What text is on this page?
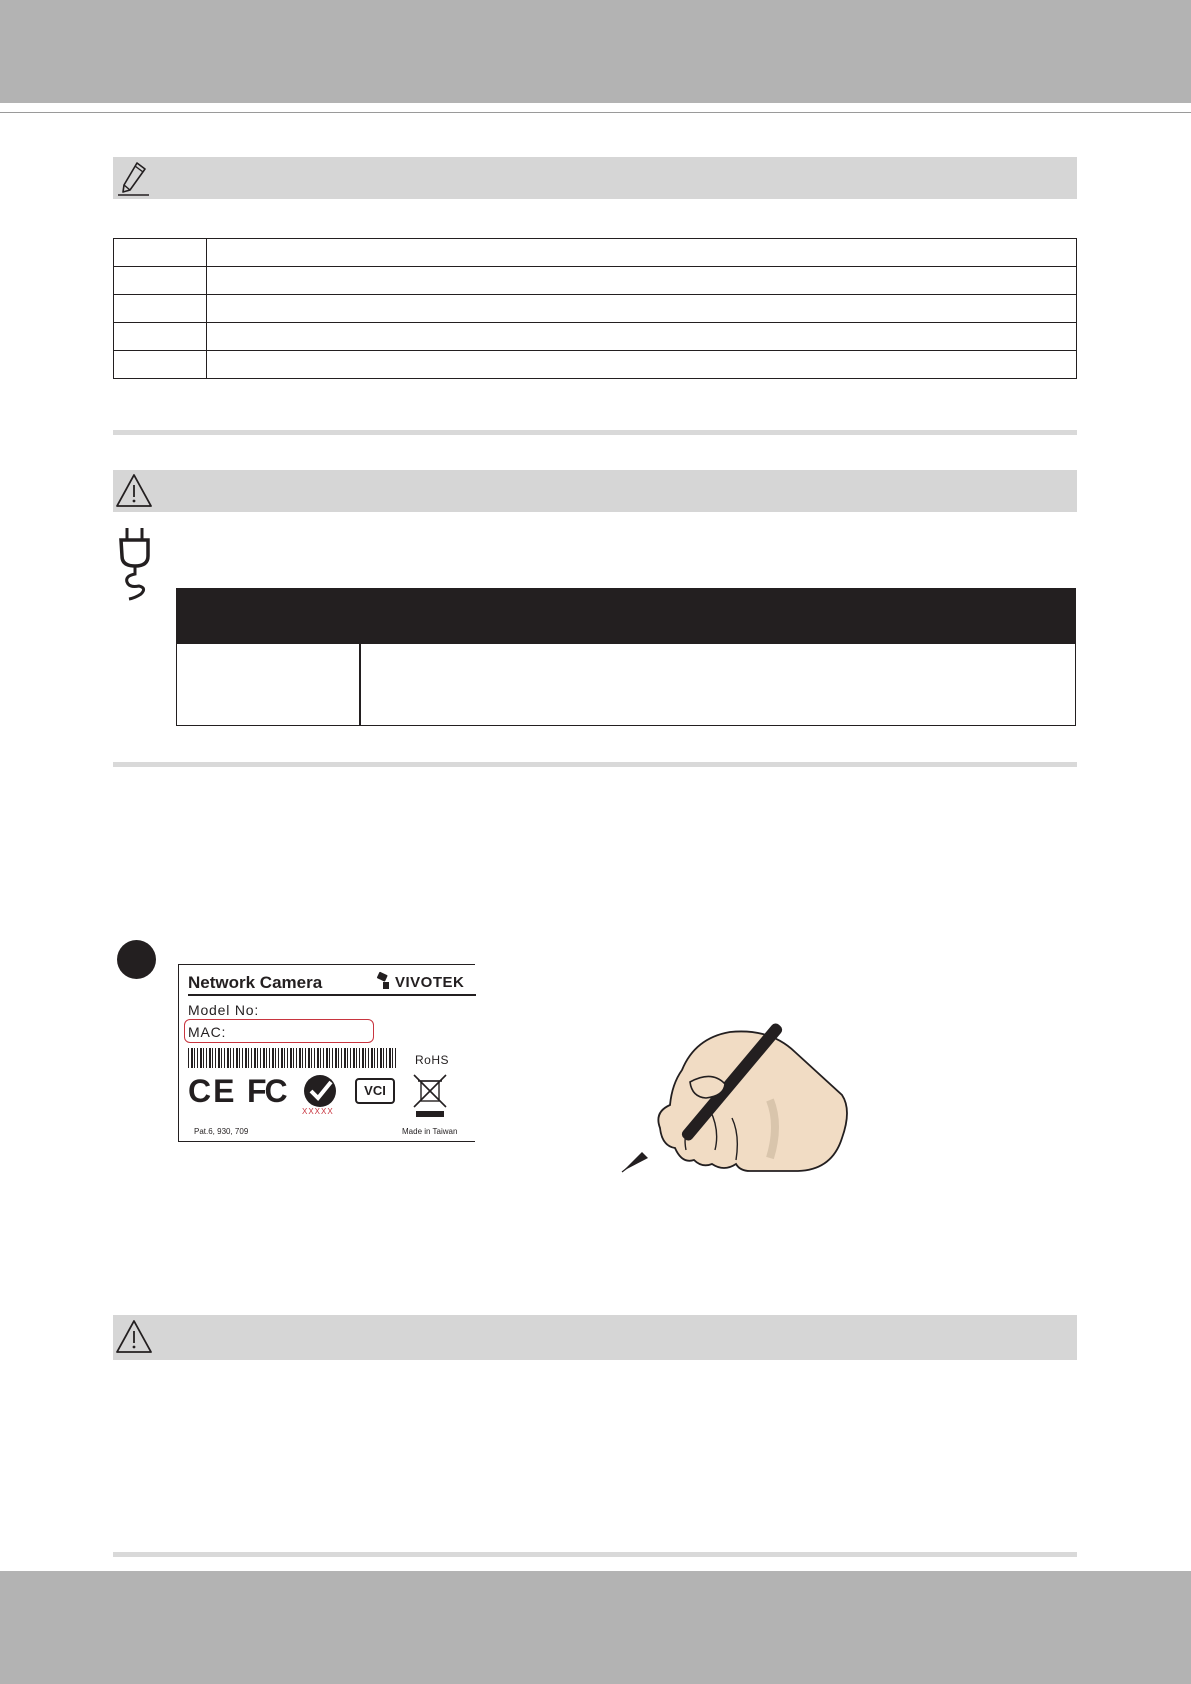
Network Camera	VIVOTEK
Model No:
MAC:
RoHS
CE FC
XXXXX
VCI
Pat.6, 930, 709	Made in Taiwan
